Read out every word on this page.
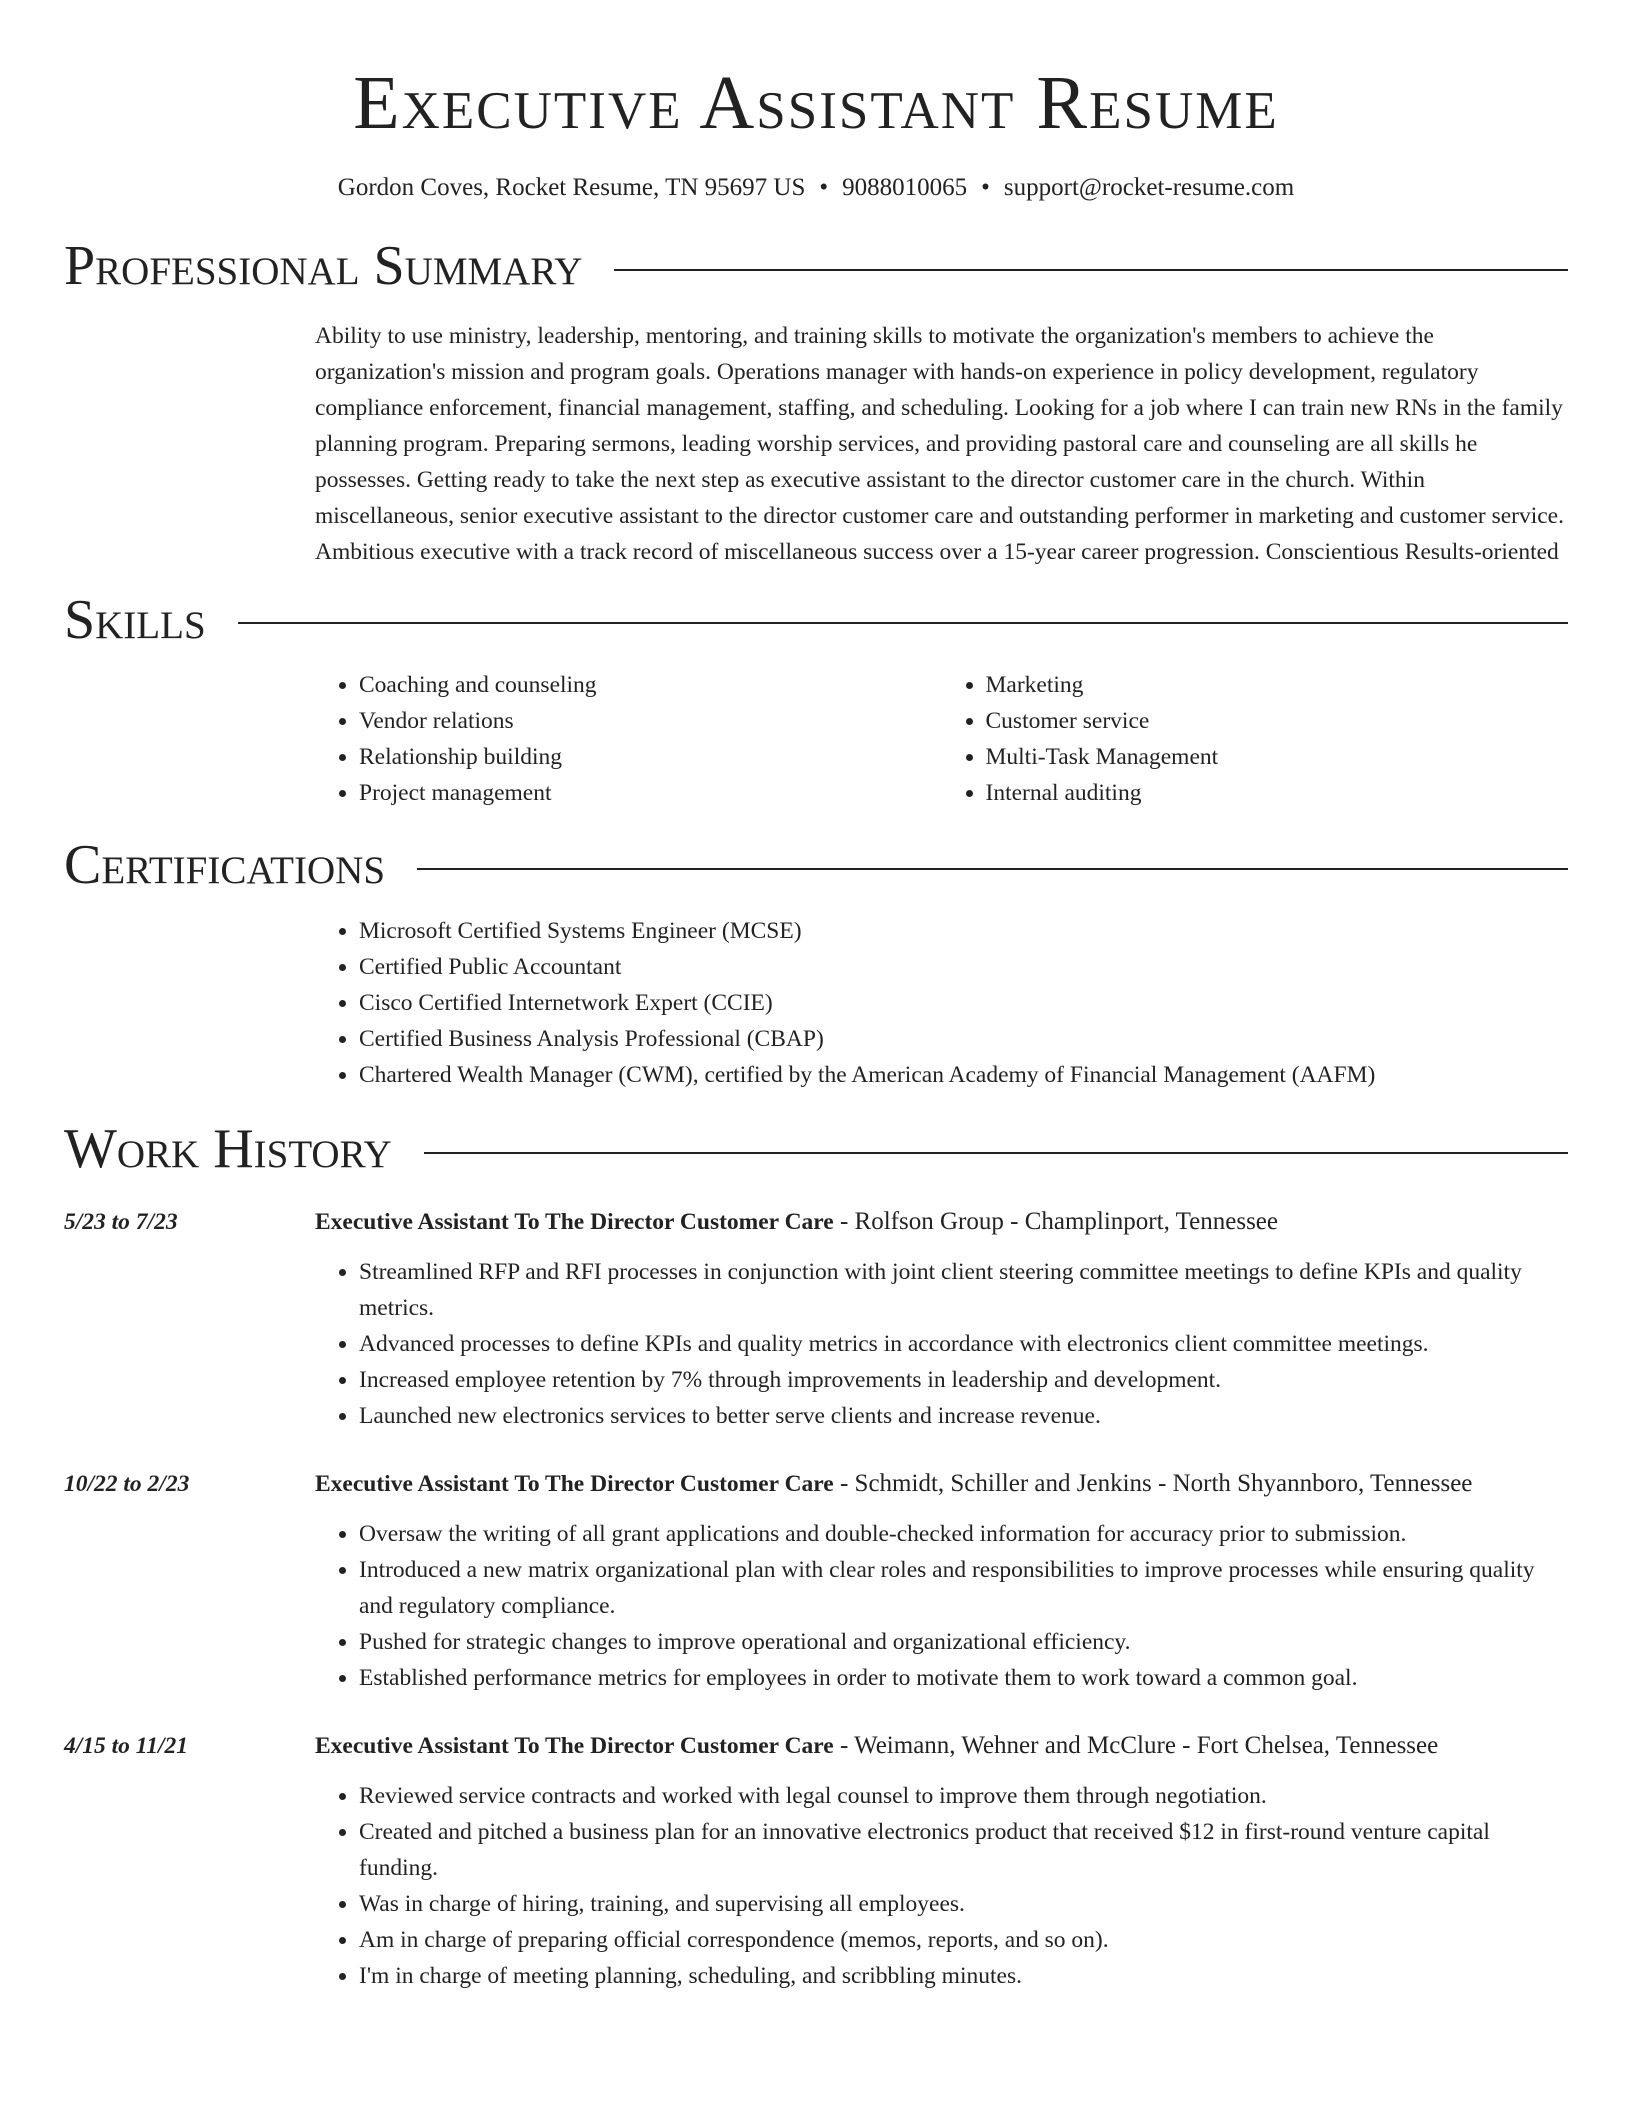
Executive Assistant Resume
Gordon Coves, Rocket Resume, TN 95697 US • 9088010065 • support@rocket-resume.com
Professional Summary

Ability to use ministry, leadership, mentoring, and training skills to motivate the organization's members to achieve the organization's mission and program goals. Operations manager with hands-on experience in policy development, regulatory compliance enforcement, financial management, staffing, and scheduling. Looking for a job where I can train new RNs in the family planning program. Preparing sermons, leading worship services, and providing pastoral care and counseling are all skills he possesses. Getting ready to take the next step as executive assistant to the director customer care in the church. Within miscellaneous, senior executive assistant to the director customer care and outstanding performer in marketing and customer service. Ambitious executive with a track record of miscellaneous success over a 15-year career progression. Conscientious Results-oriented

Skills
• Coaching and counseling
• Vendor relations
• Relationship building
• Project management
• Marketing
• Customer service
• Multi-Task Management
• Internal auditing
Certifications
• Microsoft Certified Systems Engineer (MCSE)
• Certified Public Accountant
• Cisco Certified Internetwork Expert (CCIE)
• Certified Business Analysis Professional (CBAP)
• Chartered Wealth Manager (CWM), certified by the American Academy of Financial Management (AAFM)
Work History
5/23 to 7/23	Executive Assistant To The Director Customer Care - Rolfson Group - Champlinport, Tennessee
• Streamlined RFP and RFI processes in conjunction with joint client steering committee meetings to define KPIs and quality metrics.
• Advanced processes to define KPIs and quality metrics in accordance with electronics client committee meetings.
• Increased employee retention by 7% through improvements in leadership and development.
• Launched new electronics services to better serve clients and increase revenue.
10/22 to 2/23	Executive Assistant To The Director Customer Care - Schmidt, Schiller and Jenkins - North Shyannboro, Tennessee
• Oversaw the writing of all grant applications and double-checked information for accuracy prior to submission.
• Introduced a new matrix organizational plan with clear roles and responsibilities to improve processes while ensuring quality and regulatory compliance.
• Pushed for strategic changes to improve operational and organizational efficiency.
• Established performance metrics for employees in order to motivate them to work toward a common goal.
4/15 to 11/21	Executive Assistant To The Director Customer Care - Weimann, Wehner and McClure - Fort Chelsea, Tennessee
• Reviewed service contracts and worked with legal counsel to improve them through negotiation.
• Created and pitched a business plan for an innovative electronics product that received $12 in first-round venture capital funding.
• Was in charge of hiring, training, and supervising all employees.
• Am in charge of preparing official correspondence (memos, reports, and so on).
• I'm in charge of meeting planning, scheduling, and scribbling minutes.
